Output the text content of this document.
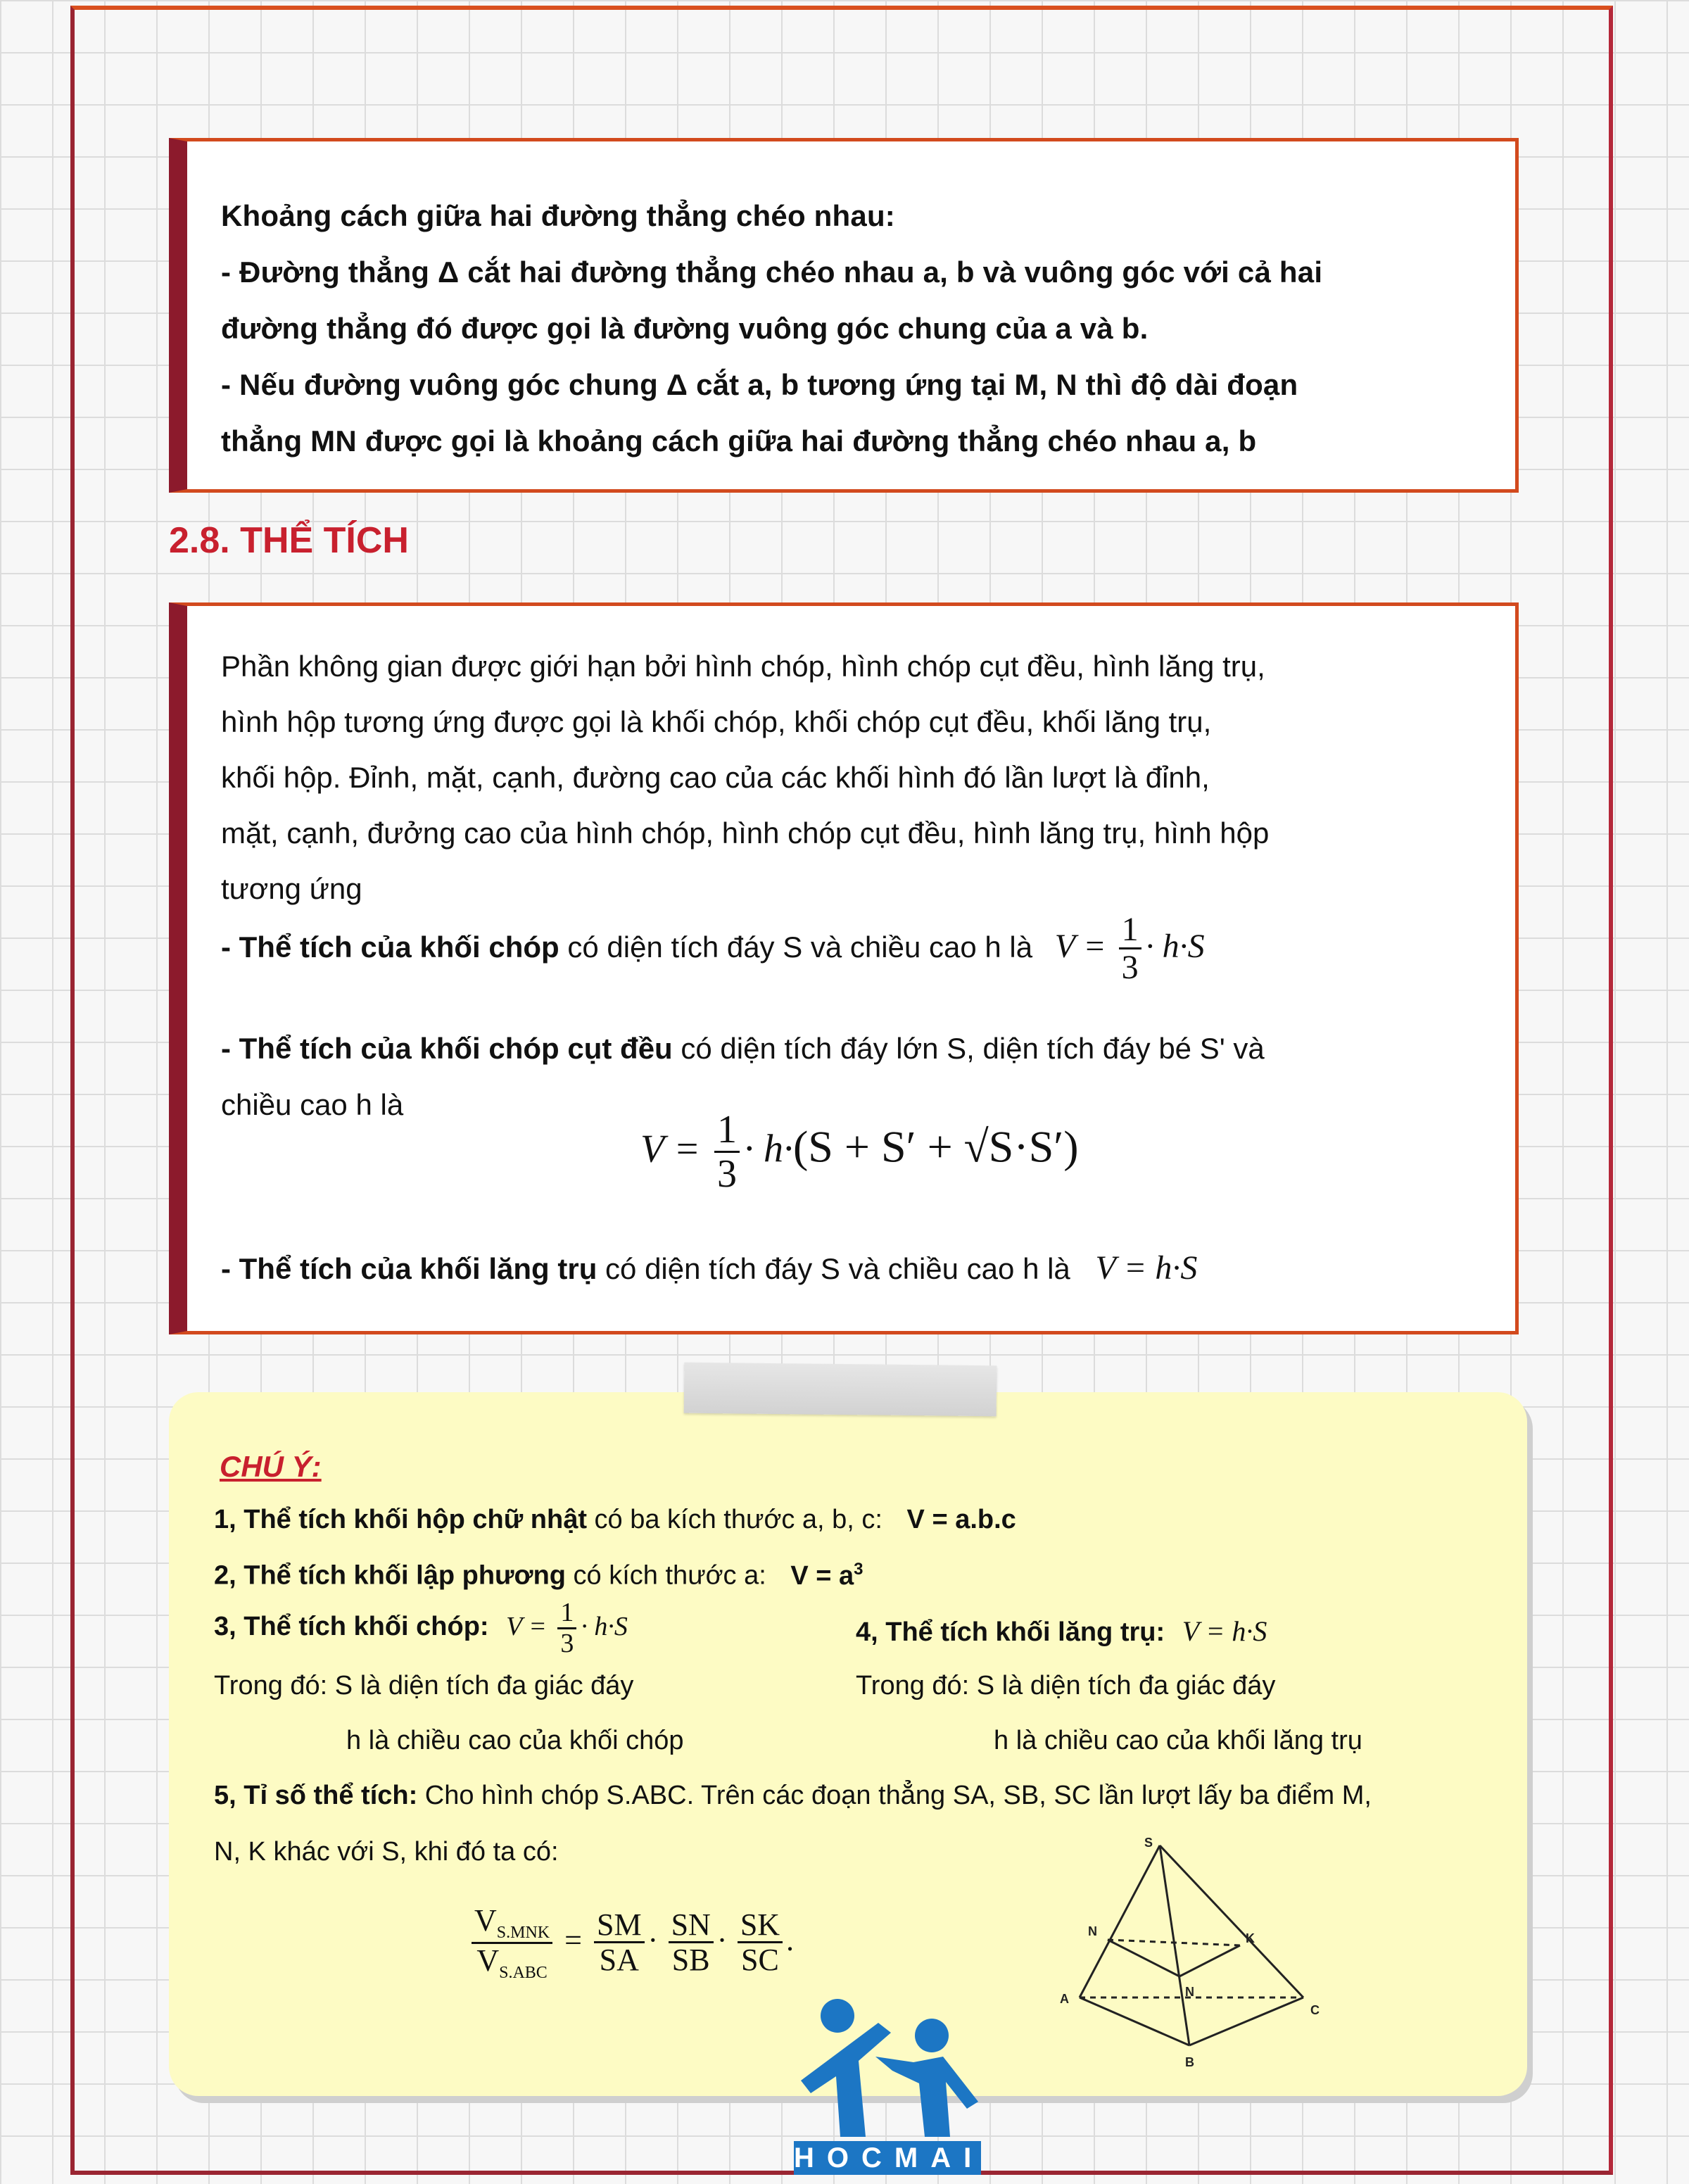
Khoảng cách giữa hai đường thẳng chéo nhau:
- Đường thẳng Δ cắt hai đường thẳng chéo nhau a, b và vuông góc với cả hai
đường thẳng đó được gọi là đường vuông góc chung của a và b.
- Nếu đường vuông góc chung Δ cắt a, b tương ứng tại M, N thì độ dài đoạn
thẳng MN được gọi là khoảng cách giữa hai đường thẳng chéo nhau a, b
2.8. THỂ TÍCH
Phần không gian được giới hạn bởi hình chóp, hình chóp cụt đều, hình lăng trụ,
hình hộp tương ứng được gọi là khối chóp, khối chóp cụt đều, khối lăng trụ,
khối hộp. Đỉnh, mặt, cạnh, đường cao của các khối hình đó lần lượt là đỉnh,
mặt, cạnh, đưởng cao của hình chóp, hình chóp cụt đều, hình lăng trụ, hình hộp
tương ứng
- Thể tích của khối chóp có diện tích đáy S và chiều cao h là $V = \frac{1}{3} \cdot h\cdot S$
- Thể tích của khối chóp cụt đều có diện tích đáy lớn S, diện tích đáy bé S' và
chiều cao h là
$V = \frac{1}{3} \cdot h\cdot(S + S' + √S\cdot S')$
- Thể tích của khối lăng trụ có diện tích đáy S và chiều cao h là V = h·S
CHÚ Ý:
1, Thể tích khối hộp chữ nhật có ba kích thước a, b, c: V = a.b.c
2, Thể tích khối lập phương có kích thước a: $V = a^3$
3, Thể tích khối chóp: $V = \frac{1}{3} \cdot h\cdot S$	4, Thể tích khối lăng trụ: V = h·S
Trong đó: S là diện tích đa giác đáy	Trong đó: S là diện tích đa giác đáy
h là chiều cao của khối chóp	h là chiều cao của khối lăng trụ
5, Tỉ số thể tích: Cho hình chóp S.ABC. Trên các đoạn thẳng SA, SB, SC lần lượt lấy ba điểm M,
N, K khác với S, khi đó ta có:
$\frac{V_{S.MNK}}{V_{S.ABC}} = \frac{SM}{SA} \cdot \frac{SN}{SB} \cdot \frac{SK}{SC}$ .
S
A
B
C
N	K
N
HOCMAI
